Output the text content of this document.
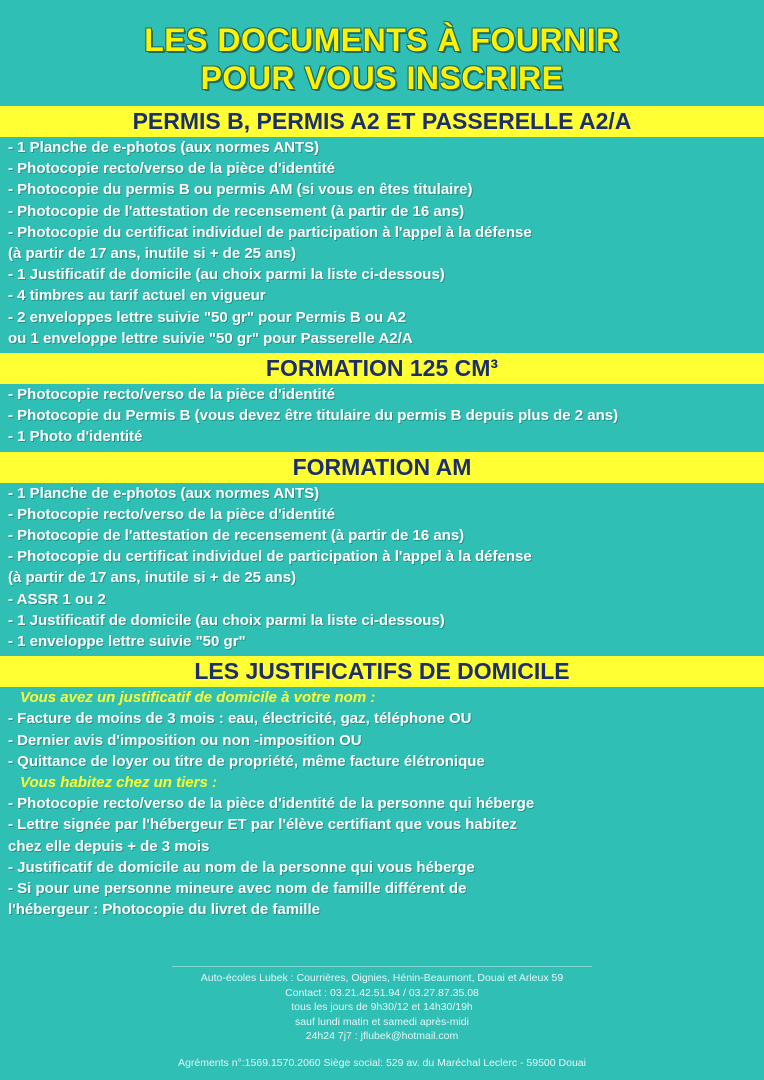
LES DOCUMENTS À FOURNIR
POUR VOUS INSCRIRE
PERMIS B, PERMIS A2 ET PASSERELLE A2/A
- 1 Planche de e-photos (aux normes ANTS)
- Photocopie recto/verso de la pièce d'identité
- Photocopie du permis B ou permis AM (si vous en êtes titulaire)
- Photocopie de l'attestation de recensement (à partir de 16 ans)
- Photocopie du certificat individuel de participation à l'appel à la défense
(à partir de 17 ans, inutile si + de 25 ans)
- 1 Justificatif de domicile (au choix parmi la liste ci-dessous)
- 4 timbres au tarif actuel en vigueur
- 2 enveloppes lettre suivie "50 gr" pour Permis B ou A2
ou 1 enveloppe lettre suivie "50 gr" pour Passerelle A2/A
FORMATION 125 CM³
- Photocopie recto/verso de la pièce d'identité
- Photocopie du Permis B (vous devez être titulaire du permis B depuis plus de 2 ans)
- 1 Photo d'identité
FORMATION AM
- 1 Planche de e-photos (aux normes ANTS)
- Photocopie recto/verso de la pièce d'identité
- Photocopie de l'attestation de recensement (à partir de 16 ans)
- Photocopie du certificat individuel de participation à l'appel à la défense
(à partir de 17 ans, inutile si + de 25 ans)
- ASSR 1 ou 2
- 1 Justificatif de domicile (au choix parmi la liste ci-dessous)
- 1 enveloppe lettre suivie "50 gr"
LES JUSTIFICATIFS DE DOMICILE
Vous avez un justificatif de domicile à votre nom :
- Facture de moins de 3 mois : eau, électricité, gaz, téléphone OU
- Dernier avis d'imposition ou non -imposition OU
- Quittance de loyer ou titre de propriété, même facture élétronique
Vous habitez chez un tiers :
- Photocopie recto/verso de la pièce d'identité de la personne qui héberge
- Lettre signée par l'hébergeur ET par l'élève certifiant que vous habitez
chez elle depuis + de 3 mois
- Justificatif de domicile au nom de la personne qui vous héberge
- Si pour une personne mineure avec nom de famille différent de
l'hébergeur : Photocopie du livret de famille
Auto-écoles Lubek : Courrières, Oignies, Hénin-Beaumont, Douai et Arleux 59
Contact : 03.21.42.51.94 / 03.27.87.35.08
tous les jours de 9h30/12 et 14h30/19h
sauf lundi matin et samedi après-midi
24h24 7j7 : jflubek@hotmail.com
Agréments n°:1569.1570.2060 Siège social: 529 av. du Maréchal Leclerc - 59500 Douai
